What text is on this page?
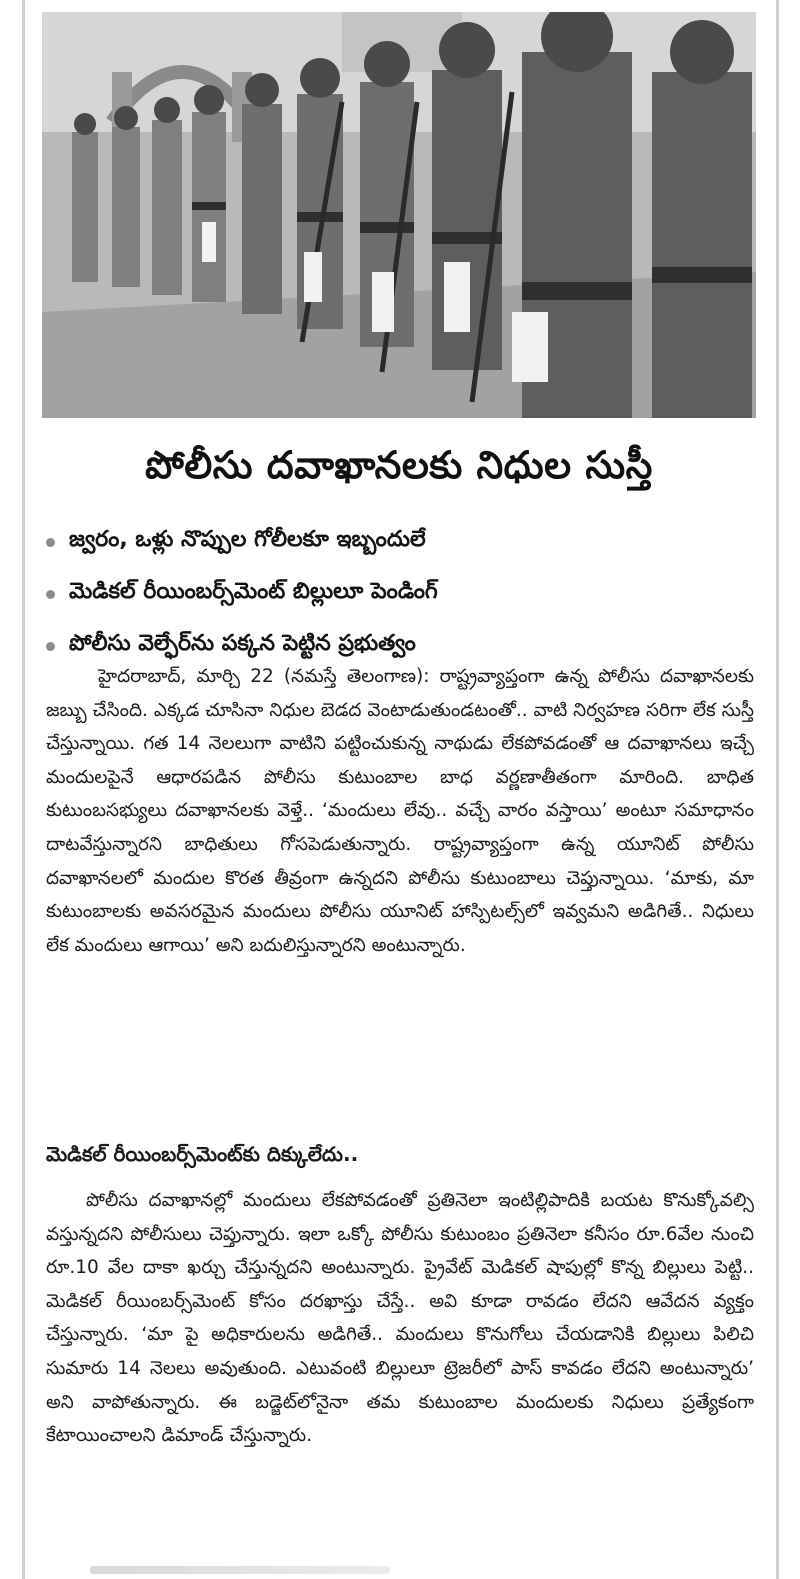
పోలీసు దవాఖానలకు నిధుల సుస్తీ
జ్వరం, ఒళ్లు నొప్పుల గోలీలకూ ఇబ్బందులే
మెడికల్ రీయింబర్స్‌మెంట్ బిల్లులూ పెండింగ్
పోలీసు వెల్ఫేర్‌ను పక్కన పెట్టిన ప్రభుత్వం

హైదరాబాద్, మార్చి 22 (నమస్తే తెలంగాణ): రాష్ట్రవ్యాప్తంగా ఉన్న పోలీసు దవాఖానలకు జబ్బు చేసింది. ఎక్కడ చూసినా నిధుల బెడద వెంటాడుతుండటంతో.. వాటి నిర్వహణ సరిగా లేక సుస్తీ చేస్తున్నాయి. గత 14 నెలలుగా వాటిని పట్టించుకున్న నాథుడు లేకపోవడంతో ఆ దవాఖానలు ఇచ్చే మందులపైనే ఆధారపడిన పోలీసు కుటుంబాల బాధ వర్ణణాతీతంగా మారింది. బాధిత కుటుంబసభ్యులు దవాఖానలకు వెళ్తే.. ‘మందులు లేవు.. వచ్చే వారం వస్తాయి’ అంటూ సమాధానం దాటవేస్తున్నారని బాధితులు గోసపెడుతున్నారు. రాష్ట్రవ్యాప్తంగా ఉన్న యూనిట్ పోలీసు దవాఖానలలో మందుల కొరత తీవ్రంగా ఉన్నదని పోలీసు కుటుంబాలు చెప్తున్నాయి. ‘మాకు, మా కుటుంబాలకు అవసరమైన మందులు పోలీసు యూనిట్ హాస్పిటల్స్‌లో ఇవ్వమని అడిగితే.. నిధులు లేక మందులు ఆగాయి’ అని బదులిస్తున్నారని అంటున్నారు.

మెడికల్ రీయింబర్స్‌మెంట్‌కు దిక్కులేదు..

పోలీసు దవాఖానల్లో మందులు లేకపోవడంతో ప్రతినెలా ఇంటిల్లిపాదికి బయట కొనుక్కోవల్సి వస్తున్నదని పోలీసులు చెప్తున్నారు. ఇలా ఒక్కో పోలీసు కుటుంబం ప్రతినెలా కనీసం రూ.6వేల నుంచి రూ.10 వేల దాకా ఖర్చు చేస్తున్నదని అంటున్నారు. ప్రైవేట్ మెడికల్ షాపుల్లో కొన్న బిల్లులు పెట్టి.. మెడికల్ రీయింబర్స్‌మెంట్ కోసం దరఖాస్తు చేస్తే.. అవి కూడా రావడం లేదని ఆవేదన వ్యక్తం చేస్తున్నారు. ‘మా పై అధికారులను అడిగితే.. మందులు కొనుగోలు చేయడానికి బిల్లులు పిలిచి సుమారు 14 నెలలు అవుతుంది. ఎటువంటి బిల్లులూ ట్రెజరీలో పాస్ కావడం లేదని అంటున్నారు’ అని వాపోతున్నారు. ఈ బడ్జెట్‌లోనైనా తమ కుటుంబాల మందులకు నిధులు ప్రత్యేకంగా కేటాయించాలని డిమాండ్ చేస్తున్నారు.
